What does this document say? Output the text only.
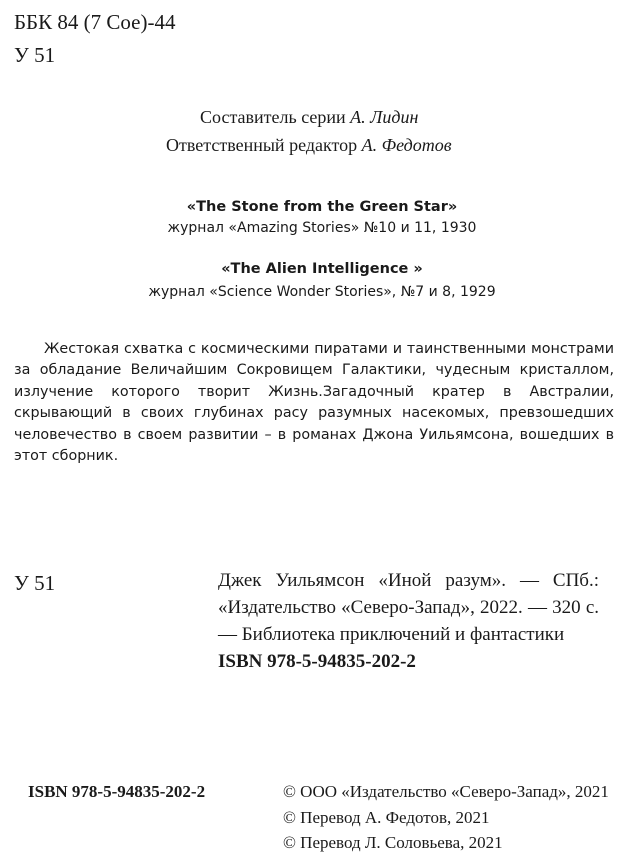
ББК 84 (7 Сое)-44
У 51
Составитель серии А. Лидин
Ответственный редактор А. Федотов
«The Stone from the Green Star»
журнал «Amazing Stories» №10 и 11, 1930
«The Alien Intelligence »
журнал «Science Wonder Stories», №7 и 8, 1929

Жестокая схватка с космическими пиратами и таинственными монстрами за обладание Величайшим Сокровищем Галактики, чудесным кристаллом, излучение которого творит Жизнь.Загадочный кратер в Австралии, скрывающий в своих глубинах расу разумных насекомых, превзошедших человечество в своем развитии – в романах Джона Уильямсона, вошедших в этот сборник.

У 51	Джек Уильямсон «Иной разум». — СПб.: «Издательство «Северо-Запад», 2022. — 320 с. — Библиотека приключений и фантастики

ISBN 978-5-94835-202-2

ISBN 978-5-94835-202-2	© ООО «Издательство «Северо-Запад», 2021
© Перевод А. Федотов, 2021
© Перевод Л. Соловьева, 2021
